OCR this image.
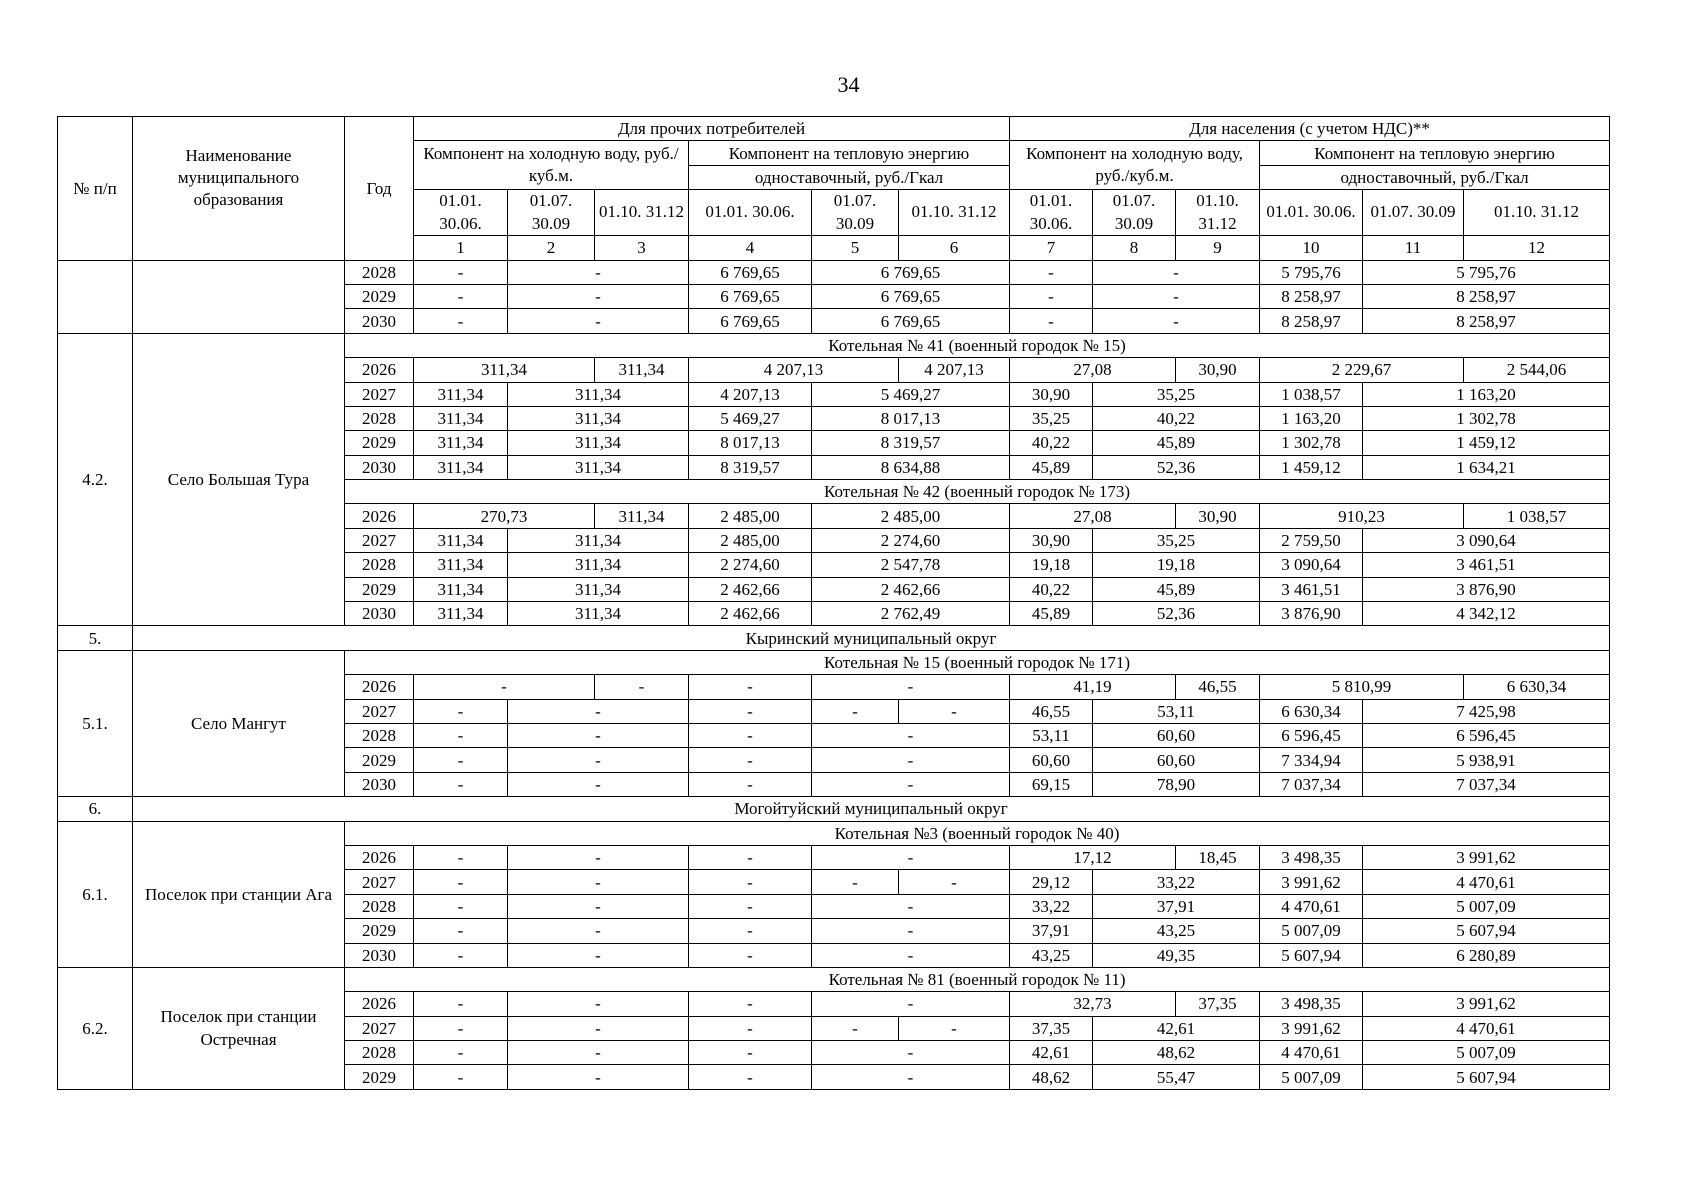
34
№ п/п	Наименование муниципального образования	Год	Для прочих потребителей						Для населения (с учетом НДС)**						
			Компонент на холодную воду, руб./куб.м.			Компонент на тепловую энергию			Компонент на холодную воду, руб./куб.м.			Компонент на тепловую энергию			
						одноставочный, руб./Гкал						одноставочный, руб./Гкал			
			01.01. 30.06.	01.07. 30.09	01.10. 31.12	01.01. 30.06.	01.07. 30.09	01.10. 31.12	01.01. 30.06.	01.07. 30.09	01.10. 31.12	01.01. 30.06.	01.07. 30.09	01.10. 31.12	
			1	2	3	4	5	6	7	8	9	10	11	12			
		2028	-	-		6 769,65	6 769,65		-	-		5 795,76	5 795,76		
		2029	-	-		6 769,65	6 769,65		-	-		8 258,97	8 258,97		
		2030	-	-		6 769,65	6 769,65		-	-		8 258,97	8 258,97		
4.2.	Село Большая Тура	Котельная № 41 (военный городок № 15)													
		2026	311,34		311,34	4 207,13		4 207,13	27,08		30,90	2 229,67		2 544,06	
		2027	311,34	311,34		4 207,13	5 469,27		30,90	35,25		1 038,57	1 163,20		
		2028	311,34	311,34		5 469,27	8 017,13		35,25	40,22		1 163,20	1 302,78		
		2029	311,34	311,34		8 017,13	8 319,57		40,22	45,89		1 302,78	1 459,12		
		2030	311,34	311,34		8 319,57	8 634,88		45,89	52,36		1 459,12	1 634,21		
		Котельная № 42 (военный городок № 173)													
		2026	270,73		311,34	2 485,00	2 485,00		27,08		30,90	910,23		1 038,57	
		2027	311,34	311,34		2 485,00	2 274,60		30,90	35,25		2 759,50	3 090,64		
		2028	311,34	311,34		2 274,60	2 547,78		19,18	19,18		3 090,64	3 461,51		
		2029	311,34	311,34		2 462,66	2 462,66		40,22	45,89		3 461,51	3 876,90		
		2030	311,34	311,34		2 462,66	2 762,49		45,89	52,36		3 876,90	4 342,12		
5.	Кыринский муниципальный округ														
5.1.	Село Мангут	Котельная № 15 (военный городок № 171)													
		2026	-		-	-	-		41,19		46,55	5 810,99		6 630,34	
		2027	-	-		-	-	-	46,55	53,11		6 630,34	7 425,98		
		2028	-	-		-	-		53,11	60,60		6 596,45	6 596,45		
		2029	-	-		-	-		60,60	60,60		7 334,94	5 938,91		
		2030	-	-		-	-		69,15	78,90		7 037,34	7 037,34		
6.	Могойтуйский муниципальный округ														
6.1.	Поселок при станции Ага	Котельная №3 (военный городок № 40)													
		2026	-	-		-	-		17,12		18,45	3 498,35	3 991,62		
		2027	-	-		-	-	-	29,12	33,22		3 991,62	4 470,61		
		2028	-	-		-	-		33,22	37,91		4 470,61	5 007,09		
		2029	-	-		-	-		37,91	43,25		5 007,09	5 607,94		
		2030	-	-		-	-		43,25	49,35		5 607,94	6 280,89		
6.2.	Поселок при станции Остречная	Котельная № 81 (военный городок № 11)													
		2026	-	-		-	-		32,73		37,35	3 498,35	3 991,62		
		2027	-	-		-	-	-	37,35	42,61		3 991,62	4 470,61		
		2028	-	-		-	-		42,61	48,62		4 470,61	5 007,09		
		2029	-	-		-	-		48,62	55,47		5 007,09	5 607,94		
